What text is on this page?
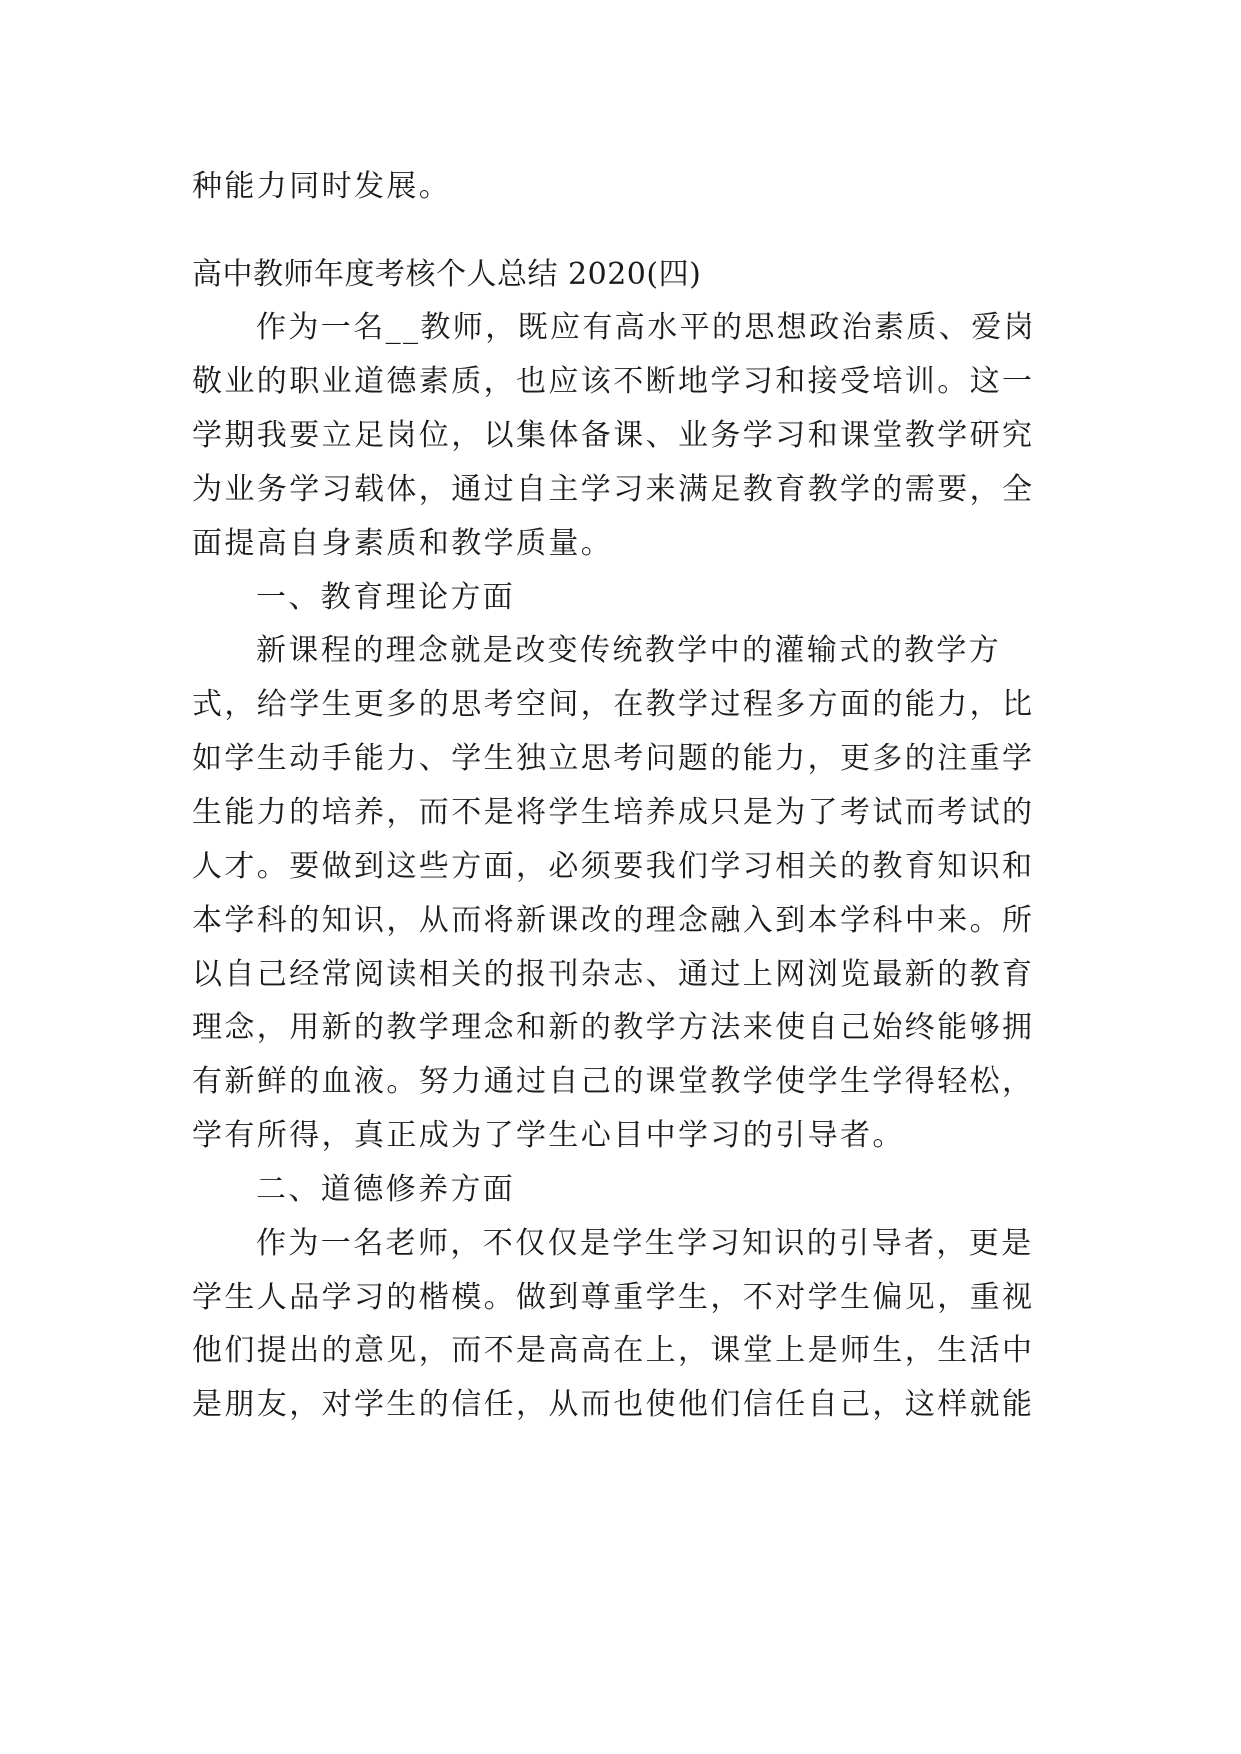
种能力同时发展。
高中教师年度考核个人总结 2020(四)
作为一名__教师，既应有高水平的思想政治素质、爱岗
敬业的职业道德素质，也应该不断地学习和接受培训。这一
学期我要立足岗位，以集体备课、业务学习和课堂教学研究
为业务学习载体，通过自主学习来满足教育教学的需要，全
面提高自身素质和教学质量。
一、教育理论方面
新课程的理念就是改变传统教学中的灌输式的教学方
式，给学生更多的思考空间，在教学过程多方面的能力，比
如学生动手能力、学生独立思考问题的能力，更多的注重学
生能力的培养，而不是将学生培养成只是为了考试而考试的
人才。要做到这些方面，必须要我们学习相关的教育知识和
本学科的知识，从而将新课改的理念融入到本学科中来。所
以自己经常阅读相关的报刊杂志、通过上网浏览最新的教育
理念，用新的教学理念和新的教学方法来使自己始终能够拥
有新鲜的血液。努力通过自己的课堂教学使学生学得轻松，
学有所得，真正成为了学生心目中学习的引导者。
二、道德修养方面
作为一名老师，不仅仅是学生学习知识的引导者，更是
学生人品学习的楷模。做到尊重学生，不对学生偏见，重视
他们提出的意见，而不是高高在上，课堂上是师生，生活中
是朋友，对学生的信任，从而也使他们信任自己，这样就能
